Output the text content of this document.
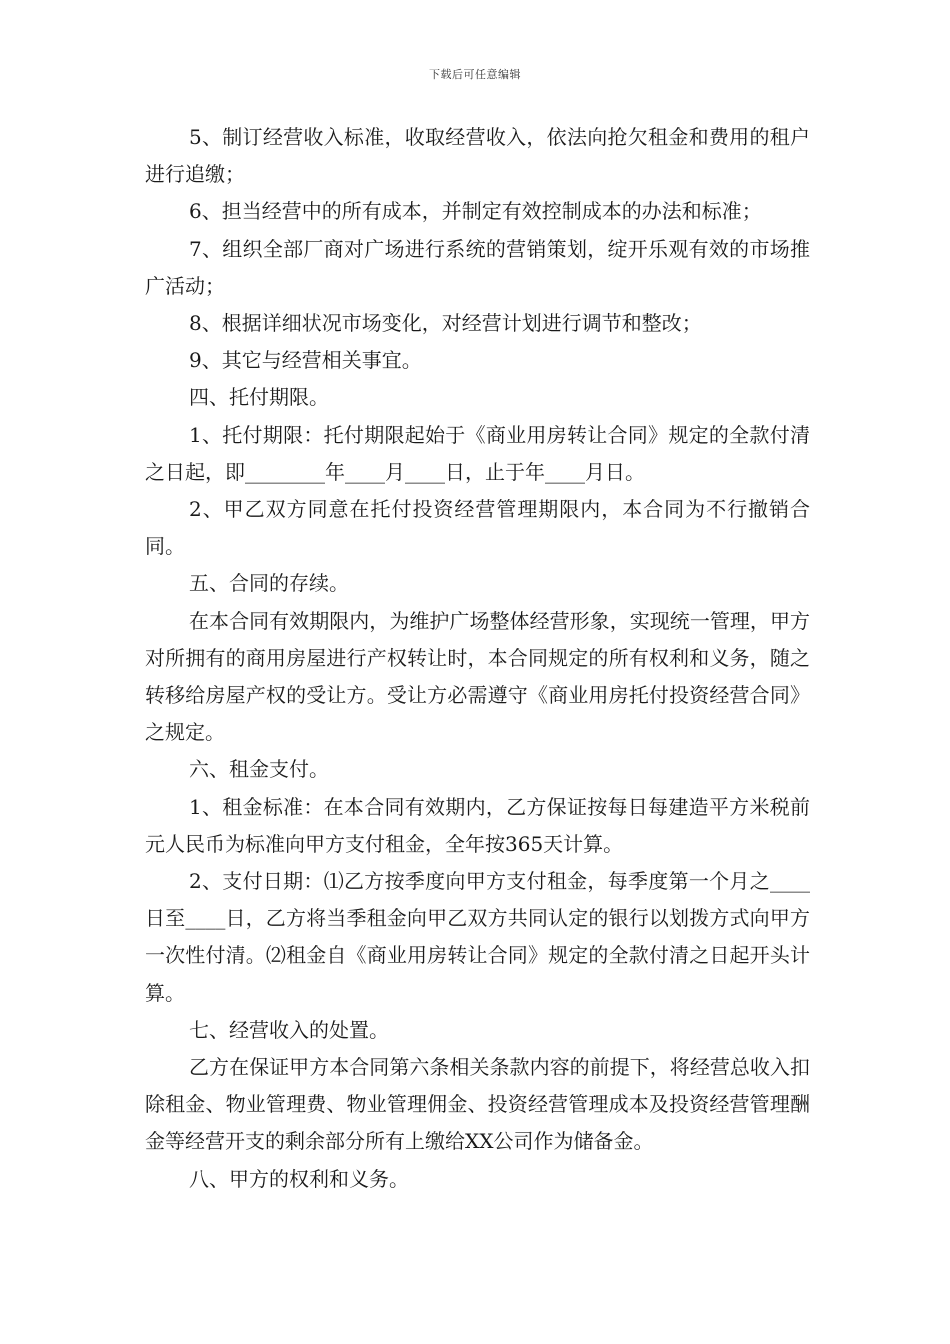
下载后可任意编辑

5、制订经营收入标准，收取经营收入，依法向抢欠租金和费用的租户进行追缴；

6、担当经营中的所有成本，并制定有效控制成本的办法和标准；

7、组织全部厂商对广场进行系统的营销策划，绽开乐观有效的市场推广活动；

8、根据详细状况市场变化，对经营计划进行调节和整改；

9、其它与经营相关事宜。

四、托付期限。

1、托付期限：托付期限起始于《商业用房转让合同》规定的全款付清之日起，即________年____月____日，止于年____月日。

2、甲乙双方同意在托付投资经营管理期限内，本合同为不行撤销合同。

五、合同的存续。

在本合同有效期限内，为维护广场整体经营形象，实现统一管理，甲方对所拥有的商用房屋进行产权转让时，本合同规定的所有权利和义务，随之转移给房屋产权的受让方。受让方必需遵守《商业用房托付投资经营合同》之规定。

六、租金支付。

1、租金标准：在本合同有效期内，乙方保证按每日每建造平方米税前元人民币为标准向甲方支付租金，全年按365天计算。

2、支付日期：⑴乙方按季度向甲方支付租金，每季度第一个月之____日至____日，乙方将当季租金向甲乙双方共同认定的银行以划拨方式向甲方一次性付清。⑵租金自《商业用房转让合同》规定的全款付清之日起开头计算。

七、经营收入的处置。

乙方在保证甲方本合同第六条相关条款内容的前提下，将经营总收入扣除租金、物业管理费、物业管理佣金、投资经营管理成本及投资经营管理酬金等经营开支的剩余部分所有上缴给XX公司作为储备金。

八、甲方的权利和义务。
